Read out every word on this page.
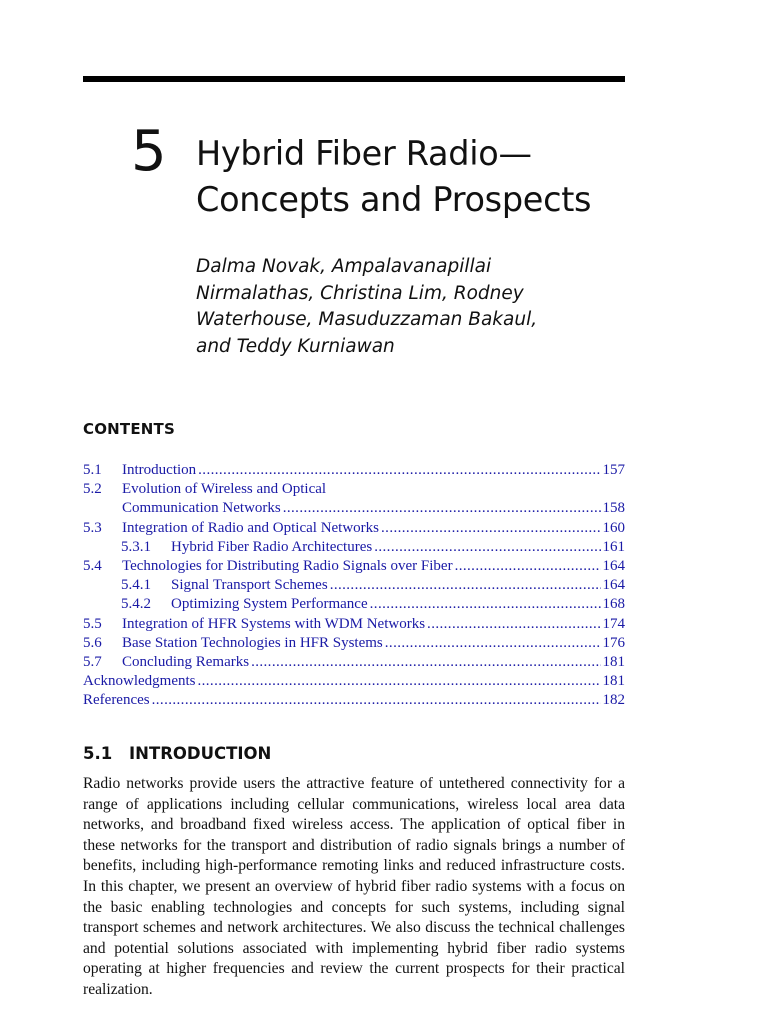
5 Hybrid Fiber Radio—
Concepts and Prospects
Dalma Novak, Ampalavanapillai
Nirmalathas, Christina Lim, Rodney
Waterhouse, Masuduzzaman Bakaul,
and Teddy Kurniawan
CONTENTS
5.1	Introduction .....	157
5.2	Evolution of Wireless and Optical
Communication Networks .....	158
5.3	Integration of Radio and Optical Networks .....	160
5.3.1	Hybrid Fiber Radio Architectures .....	161
5.4	Technologies for Distributing Radio Signals over Fiber .....	164
5.4.1	Signal Transport Schemes .....	164
5.4.2	Optimizing System Performance .....	168
5.5	Integration of HFR Systems with WDM Networks .....	174
5.6	Base Station Technologies in HFR Systems .....	176
5.7	Concluding Remarks .....	181
Acknowledgments .....	181
References .....	182
5.1 INTRODUCTION
Radio networks provide users the attractive feature of untethered connectivity for a range of applications including cellular communications, wireless local area data networks, and broadband fixed wireless access. The application of optical fiber in these networks for the transport and distribution of radio signals brings a number of benefits, including high-performance remoting links and reduced infrastructure costs. In this chapter, we present an overview of hybrid fiber radio systems with a focus on the basic enabling technologies and concepts for such systems, including signal transport schemes and network architectures. We also discuss the technical challenges and potential solutions associated with implementing hybrid fiber radio systems operating at higher frequencies and review the current prospects for their practical realization.
